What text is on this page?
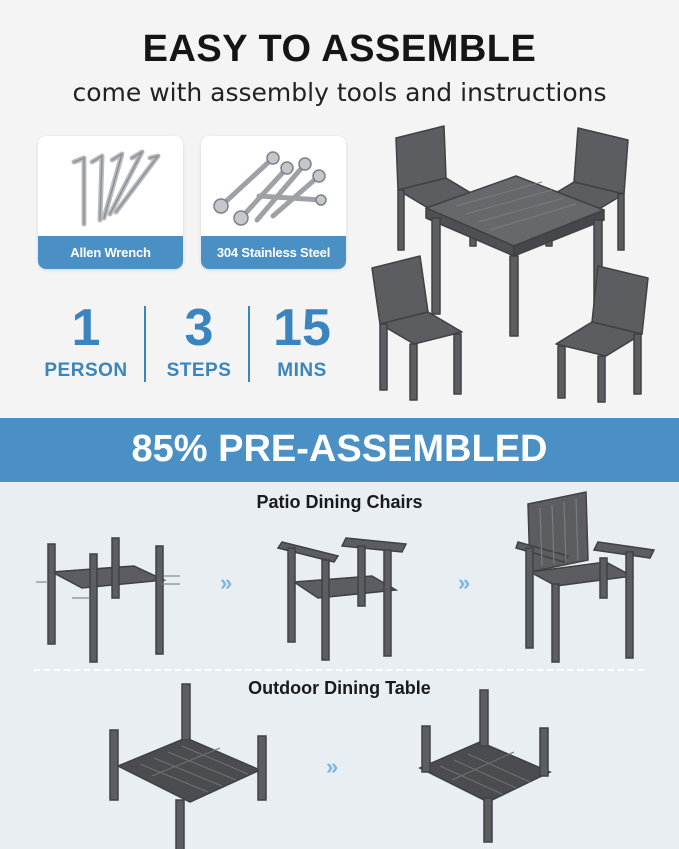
EASY TO ASSEMBLE
come with assembly tools and instructions
Allen Wrench	304 Stainless Steel
1
PERSON
3
STEPS
15
MINS
85% PRE-ASSEMBLED
Patio Dining Chairs
»	»
Outdoor Dining Table
»
